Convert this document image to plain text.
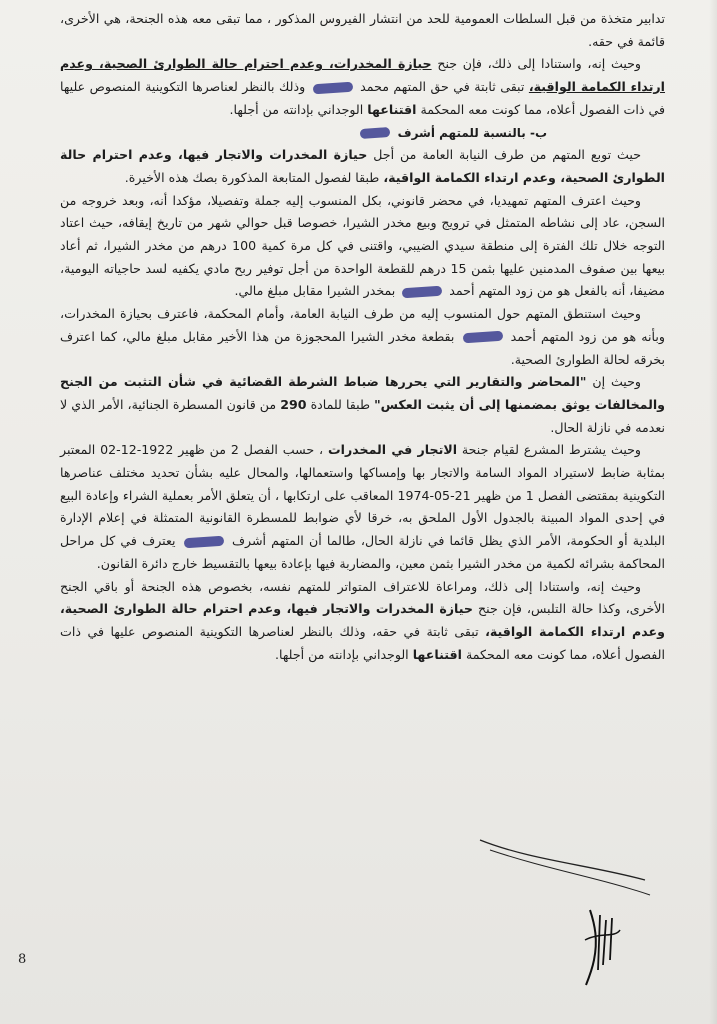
تدابير متخذة من قبل السلطات العمومية للحد من انتشار الفيروس المذكور ، مما تبقى معه هذه الجنحة، هي الأخرى، قائمة في حقه.

وحيث إنه، واستنادا إلى ذلك، فإن جنح حيازة المخدرات، وعدم احترام حالة الطوارئ الصحية، وعدم ارتداء الكمامة الواقية، تبقى ثابتة في حق المتهم محمد  وذلك بالنظر لعناصرها التكوينية المنصوص عليها في ذات الفصول أعلاه، مما كونت معه المحكمة اقتناعها الوجداني بإدانته من أجلها.

ب- بالنسبة للمتهم أشرف

حيث توبع المتهم من طرف النيابة العامة من أجل حيازة المخدرات والاتجار فيها، وعدم احترام حالة الطوارئ الصحية، وعدم ارتداء الكمامة الواقية، طبقا لفصول المتابعة المذكورة بصك هذه الأخيرة.

وحيث اعترف المتهم تمهيديا، في محضر قانوني، بكل المنسوب إليه جملة وتفصيلا، مؤكدا أنه، وبعد خروجه من السجن، عاد إلى نشاطه المتمثل في ترويج وبيع مخدر الشيرا، خصوصا قبل حوالي شهر من تاريخ إيقافه، حيث اعتاد التوجه خلال تلك الفترة إلى منطقة سيدي الضيبي، واقتنى في كل مرة كمية 100 درهم من مخدر الشيرا، ثم أعاد بيعها بين صفوف المدمنين عليها بثمن 15 درهم للقطعة الواحدة من أجل توفير ربح مادي يكفيه لسد حاجياته اليومية، مضيفا، أنه بالفعل هو من زود المتهم أحمد  بمخدر الشيرا مقابل مبلغ مالي.

وحيث استنطق المتهم حول المنسوب إليه من طرف النيابة العامة، وأمام المحكمة، فاعترف بحيازة المخدرات، وبأنه هو من زود المتهم أحمد  بقطعة مخدر الشيرا المحجوزة من هذا الأخير مقابل مبلغ مالي، كما اعترف بخرقه لحالة الطوارئ الصحية.

وحيث إن "المحاضر والتقارير التي يحررها ضباط الشرطة القضائية في شأن التثبت من الجنح والمخالفات يوثق بمضمنها إلى أن يثبت العكس" طبقا للمادة 290 من قانون المسطرة الجنائية، الأمر الذي لا نعدمه في نازلة الحال.

وحيث يشترط المشرع لقيام جنحة الاتجار في المخدرات ، حسب الفصل 2 من ظهير 1922-12-02 المعتبر بمثابة ضابط لاستيراد المواد السامة والاتجار بها وإمساكها واستعمالها، والمحال عليه بشأن تحديد مختلف عناصرها التكوينية بمقتضى الفصل 1 من ظهير 21-05-1974 المعاقب على ارتكابها ، أن يتعلق الأمر بعملية الشراء وإعادة البيع في إحدى المواد المبينة بالجدول الأول الملحق به، خرقا لأي ضوابط للمسطرة القانونية المتمثلة في إعلام الإدارة البلدية أو الحكومة، الأمر الذي يظل قائما في نازلة الحال، طالما أن المتهم أشرف  يعترف في كل مراحل المحاكمة بشرائه لكمية من مخدر الشيرا بثمن معين، والمضاربة فيها بإعادة بيعها بالتقسيط خارج دائرة القانون.

وحيث إنه، واستنادا إلى ذلك، ومراعاة للاعتراف المتواتر للمتهم نفسه، بخصوص هذه الجنحة أو باقي الجنح الأخرى، وكذا حالة التلبس، فإن جنح حيازة المخدرات والاتجار فيها، وعدم احترام حالة الطوارئ الصحية، وعدم ارتداء الكمامة الواقية، تبقى ثابتة في حقه، وذلك بالنظر لعناصرها التكوينية المنصوص عليها في ذات الفصول أعلاه، مما كونت معه المحكمة اقتناعها الوجداني بإدانته من أجلها.

8
